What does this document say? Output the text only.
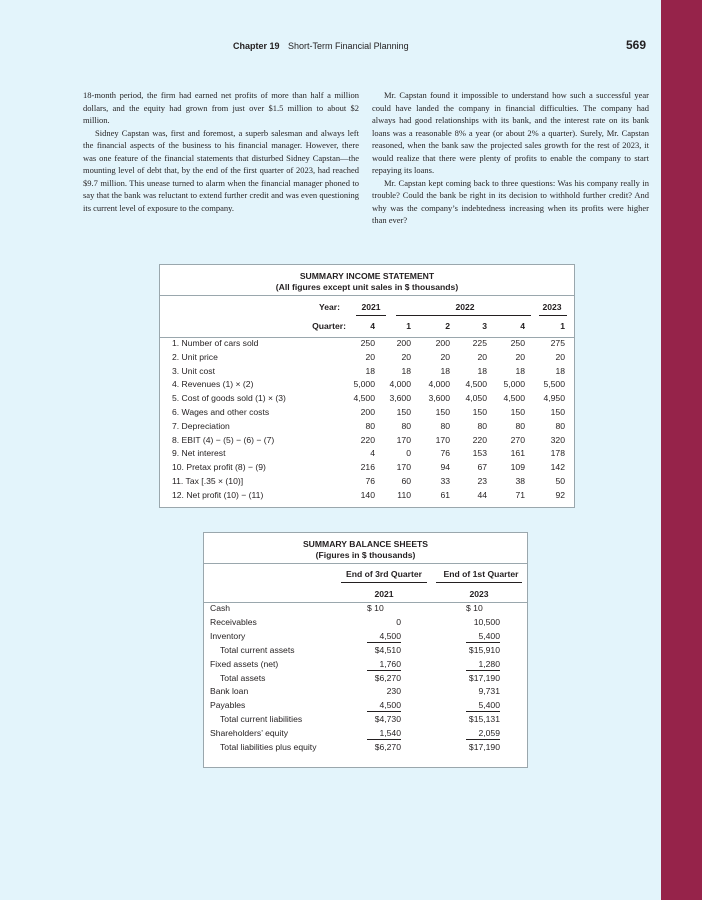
Chapter 19 Short-Term Financial Planning	569

18-month period, the firm had earned net profits of more than half a million dollars, and the equity had grown from just over $1.5 million to about $2 million.

Sidney Capstan was, first and foremost, a superb salesman and always left the financial aspects of the business to his financial manager. However, there was one feature of the financial statements that disturbed Sidney Capstan—the mounting level of debt that, by the end of the first quarter of 2023, had reached $9.7 million. This unease turned to alarm when the financial manager phoned to say that the bank was reluctant to extend further credit and was even questioning its current level of exposure to the company.

Mr. Capstan found it impossible to understand how such a successful year could have landed the company in financial difficulties. The company had always had good relationships with its bank, and the interest rate on its bank loans was a reasonable 8% a year (or about 2% a quarter). Surely, Mr. Capstan reasoned, when the bank saw the projected sales growth for the rest of 2023, it would realize that there were plenty of profits to enable the company to start repaying its loans.

Mr. Capstan kept coming back to three questions: Was his company really in trouble? Could the bank be right in its decision to withhold further credit? And why was the company’s indebtedness increasing when its profits were higher than ever?

SUMMARY INCOME STATEMENT
(All figures except unit sales in $ thousands)
Year:
Quarter:
2021	2022	2023
4	1	2	3	4	1
1. Number of cars sold	250	200	200	225	250	275
2. Unit price	20	20	20	20	20	20
3. Unit cost	18	18	18	18	18	18
4. Revenues (1) × (2)	5,000	4,000	4,000	4,500	5,000	5,500
5. Cost of goods sold (1) × (3)	4,500	3,600	3,600	4,050	4,500	4,950
6. Wages and other costs	200	150	150	150	150	150
7. Depreciation	80	80	80	80	80	80
8. EBIT (4) − (5) − (6) − (7)	220	170	170	220	270	320
9. Net interest	4	0	76	153	161	178
10. Pretax profit (8) − (9)	216	170	94	67	109	142
11. Tax [.35 × (10)]	76	60	33	23	38	50
12. Net profit (10) − (11)	140	110	61	44	71	92
SUMMARY BALANCE SHEETS
(Figures in $ thousands)
End of 3rd Quarter	End of 1st Quarter
2021	2023
Cash	$ 10	$ 10
Receivables	0	10,500
Inventory	4,500	5,400
Total current assets	$4,510	$15,910
Fixed assets (net)	1,760	1,280
Total assets	$6,270	$17,190
Bank loan	230	9,731
Payables	4,500	5,400
Total current liabilities	$4,730	$15,131
Shareholders’ equity	1,540	2,059
Total liabilities plus equity	$6,270	$17,190
